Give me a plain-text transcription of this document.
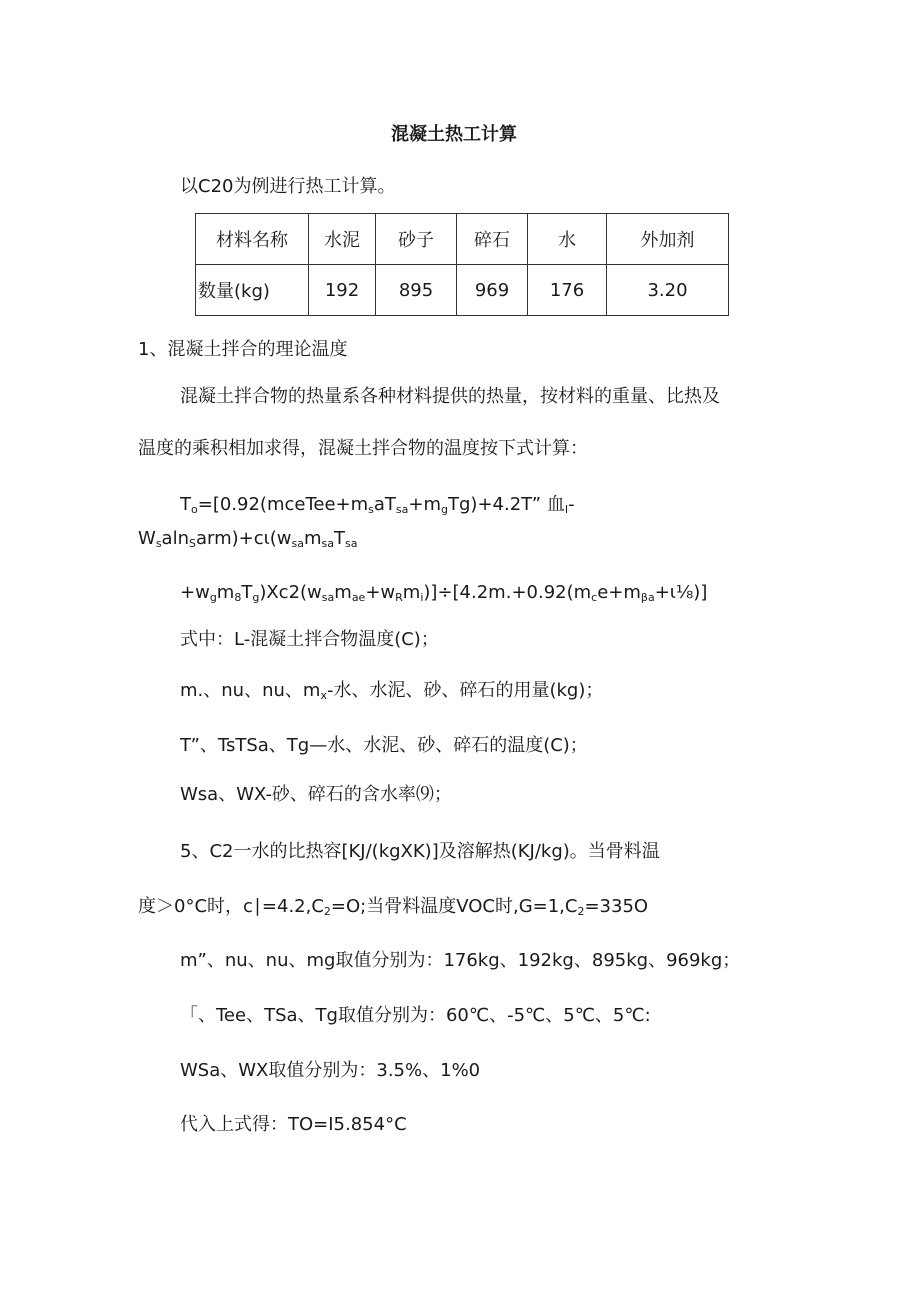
混凝土热工计算
以C20为例进行热工计算。
材料名称	水泥	砂子	碎石	水	外加剂
数量(kg)	192	895	969	176	3.20
1、混凝土拌合的理论温度
混凝土拌合物的热量系各种材料提供的热量，按材料的重量、比热及
温度的乘积相加求得，混凝土拌合物的温度按下式计算：
$T_o=[0.92(mceTee+m_saT_{sa}+m_gTg)+4.2T$” 血$_I$-
$W_saln_Sarm)+c\iota(w_{sa}m_{sa}T_{sa}$
$+w_gm_8T_g)Xc2(w_{sa}m_{ae}+w_Rm_i)]\div[4.2m.+0.92(m_ce+m_{\beta a}+\iota\frac{1}{8})]$
式中：L-混凝土拌合物温度(C)；
m.、nu、nu、$m_x-$水、水泥、砂、碎石的用量(kg)；
T”、TsTSa、Tg—水、水泥、砂、碎石的温度(C)；
Wsa、WX-砂、碎石的含水率⑼；
5、C2一水的比热容[KJ/(kgXK)]及溶解热(KJ/kg)。当骨料温
度＞0°C时，$c∣=4.2,C_2=O$;当骨料温度VOC时$,G=1,C_2=335O$
m”、nu、nu、mg取值分别为：176kg、192kg、895kg、969kg；
「、Tee、TSa、Tg取值分别为：60℃、-5℃、5℃、5℃:
WSa、WX取值分别为：3.5%、1%0
代入上式得：TO=I5.854°C
